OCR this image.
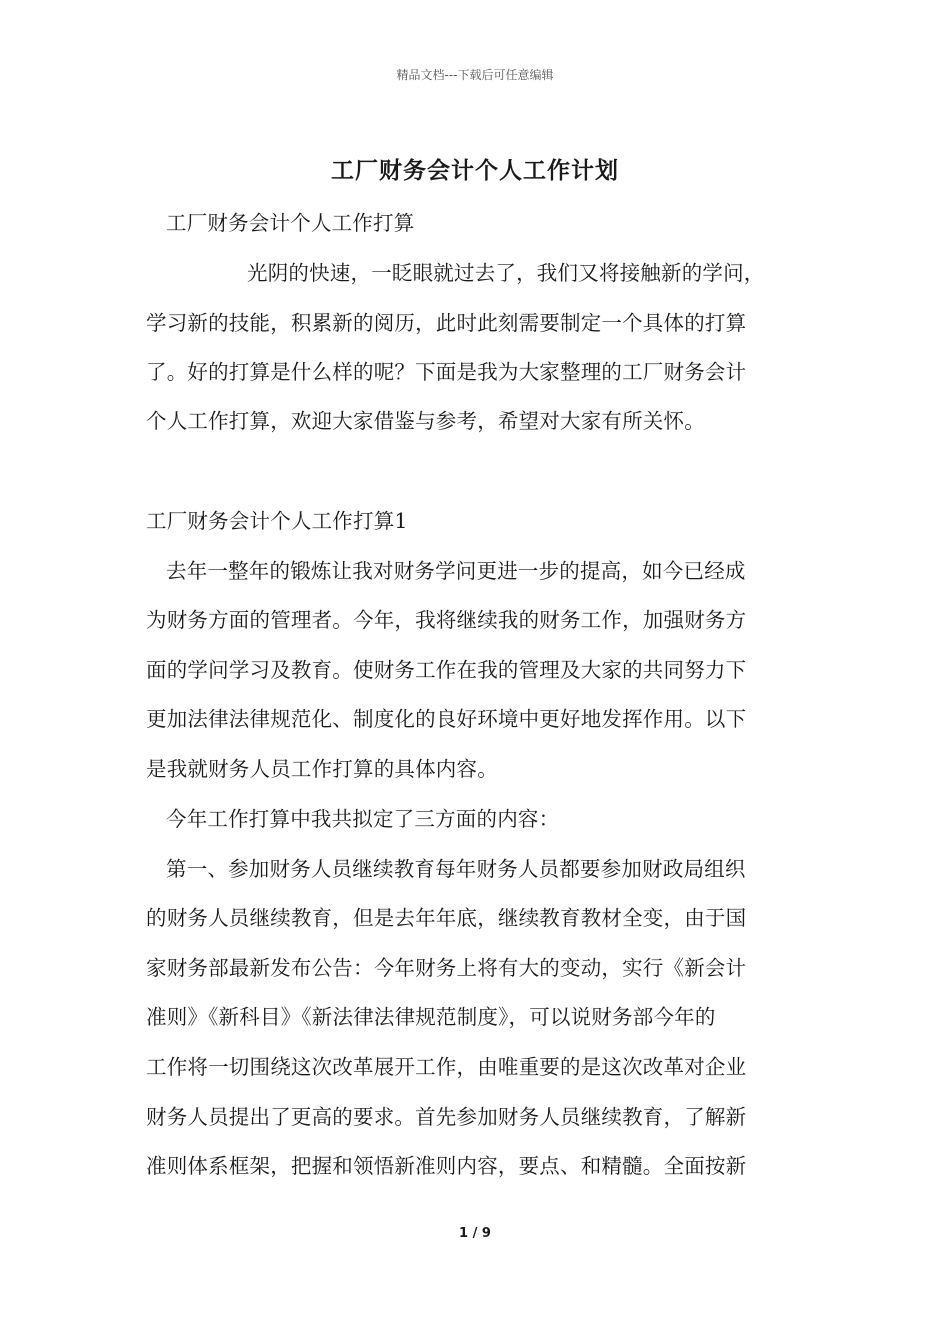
精品文档---下载后可任意编辑
工厂财务会计个人工作计划
工厂财务会计个人工作打算
光阴的快速，一眨眼就过去了，我们又将接触新的学问，
学习新的技能，积累新的阅历，此时此刻需要制定一个具体的打算
了。好的打算是什么样的呢？下面是我为大家整理的工厂财务会计
个人工作打算，欢迎大家借鉴与参考，希望对大家有所关怀。
工厂财务会计个人工作打算1
去年一整年的锻炼让我对财务学问更进一步的提高，如今已经成
为财务方面的管理者。今年，我将继续我的财务工作，加强财务方
面的学问学习及教育。使财务工作在我的管理及大家的共同努力下
更加法律法律规范化、制度化的良好环境中更好地发挥作用。以下
是我就财务人员工作打算的具体内容。
今年工作打算中我共拟定了三方面的内容：
第一、参加财务人员继续教育每年财务人员都要参加财政局组织
的财务人员继续教育，但是去年年底，继续教育教材全变，由于国
家财务部最新发布公告：今年财务上将有大的变动，实行《新会计
准则》《新科目》《新法律法律规范制度》，可以说财务部今年的
工作将一切围绕这次改革展开工作，由唯重要的是这次改革对企业
财务人员提出了更高的要求。首先参加财务人员继续教育，了解新
准则体系框架，把握和领悟新准则内容，要点、和精髓。全面按新
1 / 9
